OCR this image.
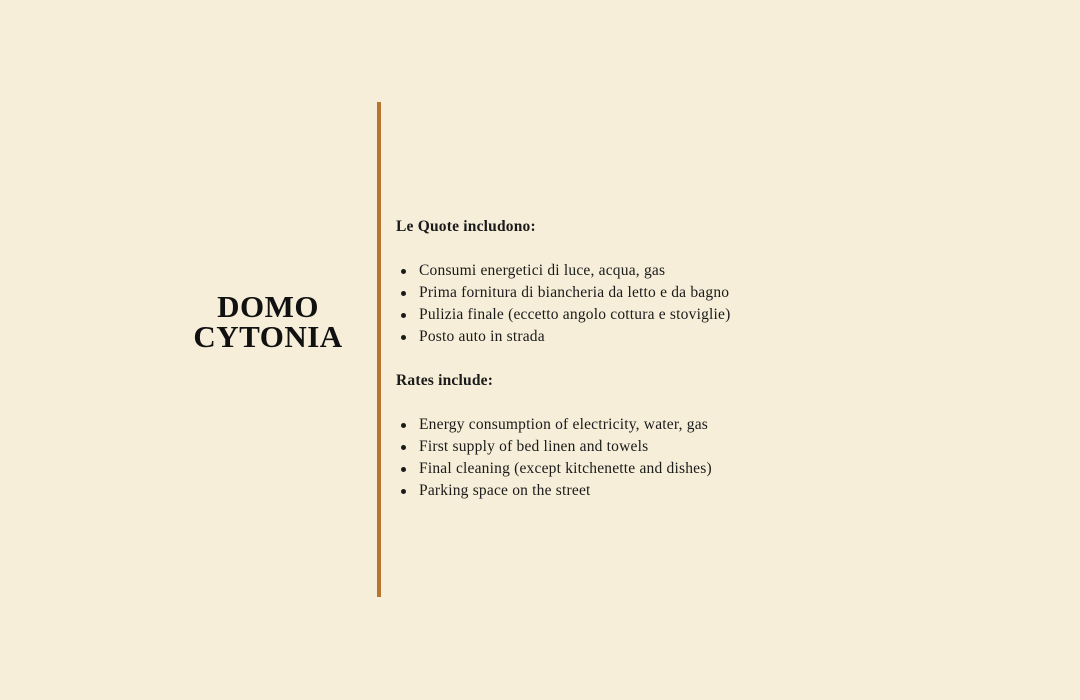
DOMO
CYTONIA

Le Quote includono:

Consumi energetici di luce, acqua, gas
Prima fornitura di biancheria da letto e da bagno
Pulizia finale (eccetto angolo cottura e stoviglie)
Posto auto in strada

Rates include:

Energy consumption of electricity, water, gas
First supply of bed linen and towels
Final cleaning (except kitchenette and dishes)
Parking space on the street
